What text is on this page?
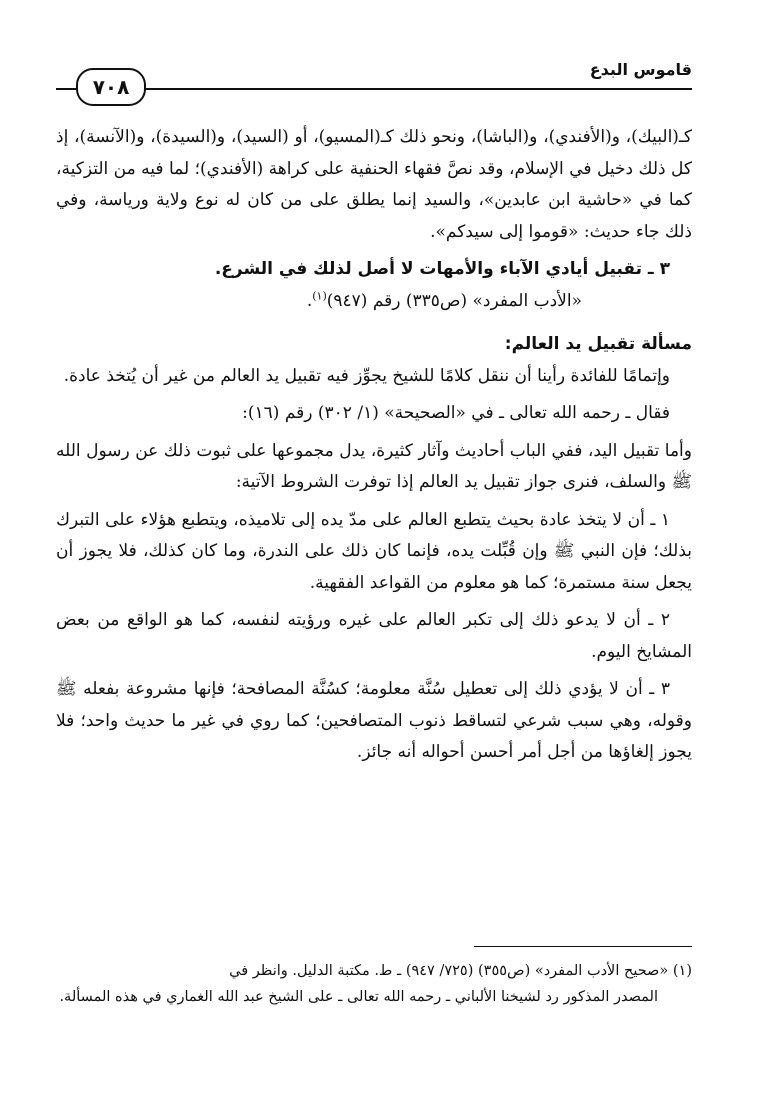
قاموس البدع
٧٠٨

كـ(البيك)، و(الأفندي)، و(الباشا)، ونحو ذلك كـ(المسيو)، أو (السيد)، و(السيدة)، و(الآنسة)، إذ كل ذلك دخيل في الإسلام، وقد نصَّ فقهاء الحنفية على كراهة (الأفندي)؛ لما فيه من التزكية، كما في «حاشية ابن عابدين»، والسيد إنما يطلق على من كان له نوع ولاية ورياسة، وفي ذلك جاء حديث: «قوموا إلى سيدكم».

٣ ـ تقبيل أيادي الآباء والأمهات لا أصل لذلك في الشرع.

«الأدب المفرد» (ص٣٣٥) رقم (٩٤٧)$^{(١)}$.

مسألة تقبيل يد العالم:

وإتمامًا للفائدة رأينا أن ننقل كلامًا للشيخ يجوِّز فيه تقبيل يد العالم من غير أن يُتخذ عادة.

فقال ـ رحمه الله تعالى ـ في «الصحيحة» (١/ ٣٠٢) رقم (١٦):

وأما تقبيل اليد، ففي الباب أحاديث وآثار كثيرة، يدل مجموعها على ثبوت ذلك عن رسول الله ﷺ والسلف، فنرى جواز تقبيل يد العالم إذا توفرت الشروط الآتية:

١ ـ أن لا يتخذ عادة بحيث يتطبع العالم على مدّ يده إلى تلاميذه، ويتطبع هؤلاء على التبرك بذلك؛ فإن النبي ﷺ وإن قُبِّلت يده، فإنما كان ذلك على الندرة، وما كان كذلك، فلا يجوز أن يجعل سنة مستمرة؛ كما هو معلوم من القواعد الفقهية.

٢ ـ أن لا يدعو ذلك إلى تكبر العالم على غيره ورؤيته لنفسه، كما هو الواقع من بعض المشايخ اليوم.

٣ ـ أن لا يؤدي ذلك إلى تعطيل سُنَّة معلومة؛ كسُنَّة المصافحة؛ فإنها مشروعة بفعله ﷺ وقوله، وهي سبب شرعي لتساقط ذنوب المتصافحين؛ كما روي في غير ما حديث واحد؛ فلا يجوز إلغاؤها من أجل أمر أحسن أحواله أنه جائز.

(١) «صحيح الأدب المفرد» (ص٣٥٥) (٧٢٥/ ٩٤٧) ـ ط. مكتبة الدليل. وانظر في

المصدر المذكور رد لشيخنا الألباني ـ رحمه الله تعالى ـ على الشيخ عبد الله الغماري في هذه المسألة.
